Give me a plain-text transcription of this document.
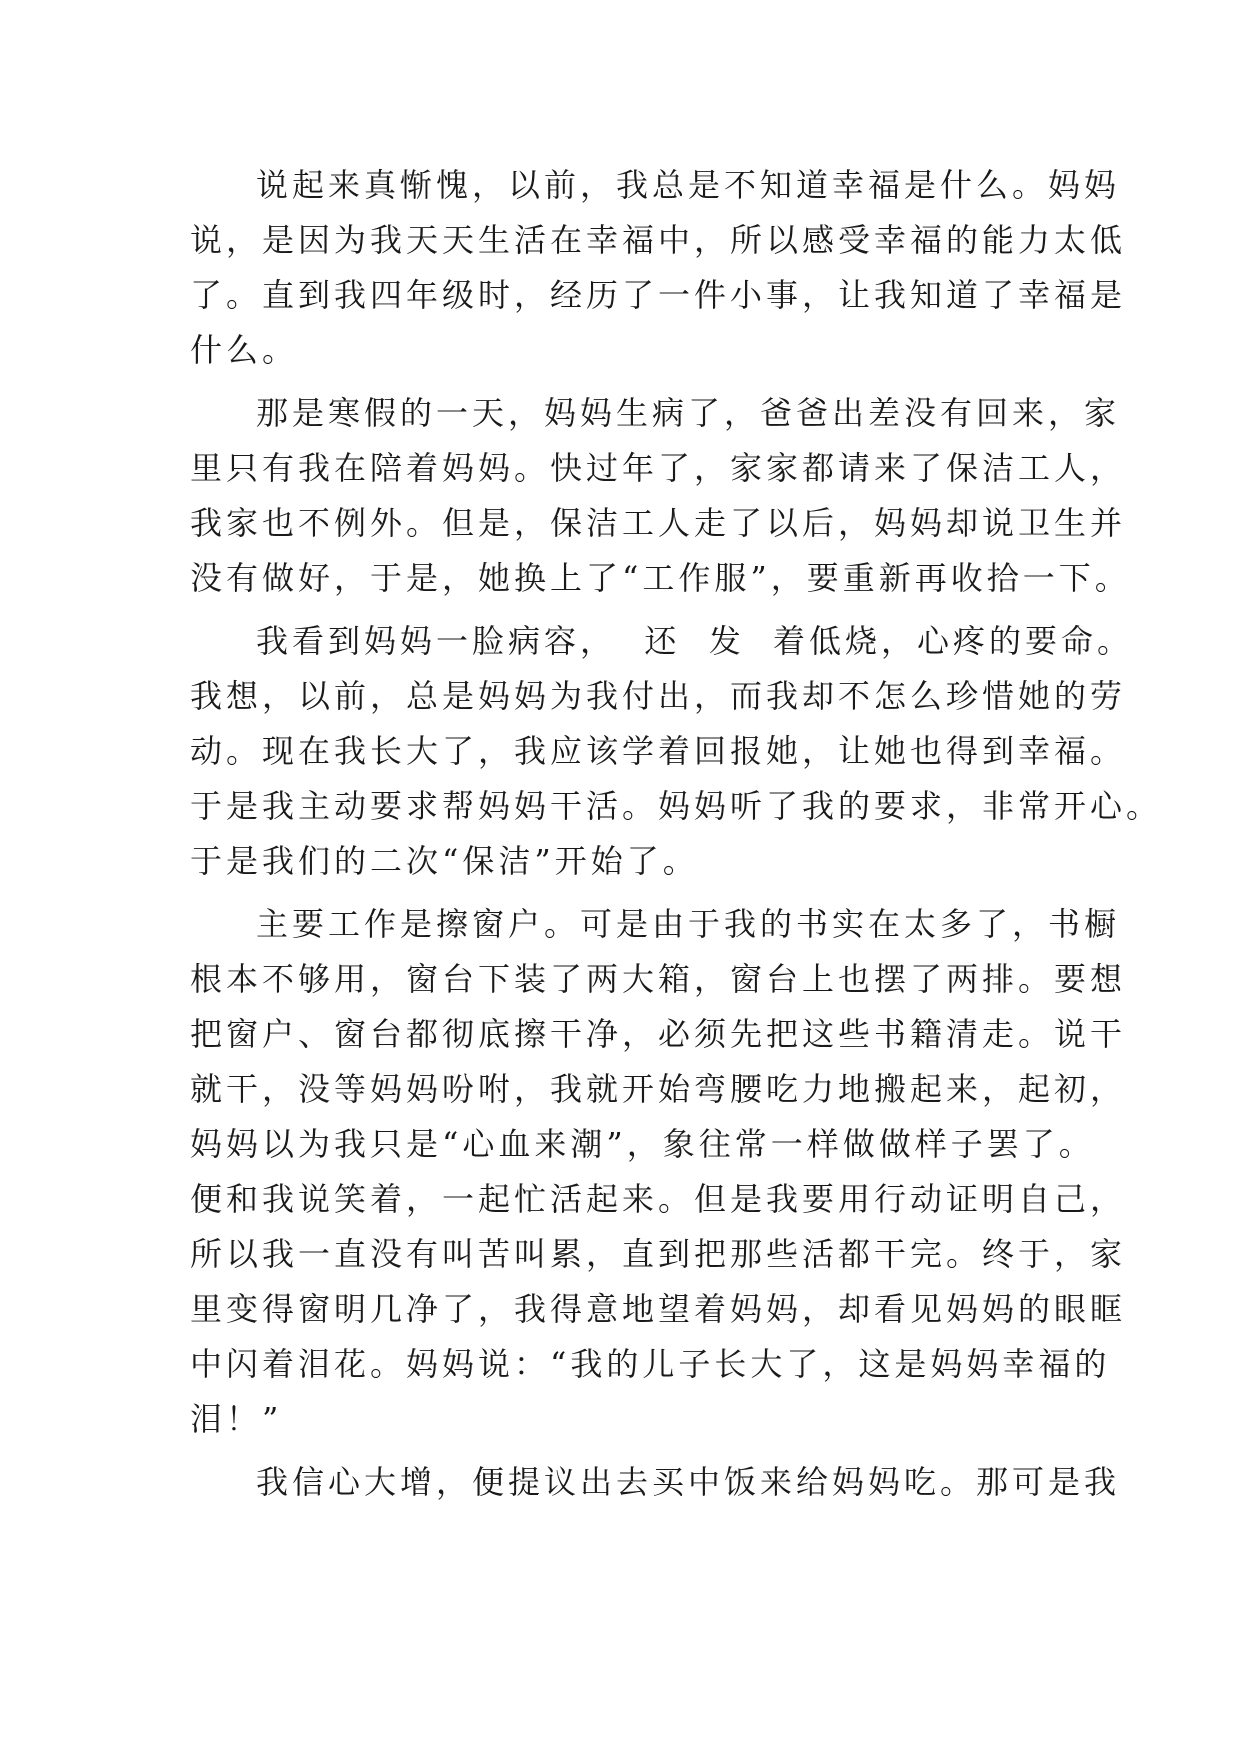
说起来真惭愧，以前，我总是不知道幸福是什么。妈妈
说，是因为我天天生活在幸福中，所以感受幸福的能力太低
了。直到我四年级时，经历了一件小事，让我知道了幸福是
什么。
那是寒假的一天，妈妈生病了，爸爸出差没有回来，家
里只有我在陪着妈妈。快过年了，家家都请来了保洁工人，
我家也不例外。但是，保洁工人走了以后，妈妈却说卫生并
没有做好，于是，她换上了“工作服”，要重新再收拾一下。
我看到妈妈一脸病容，  还  发  着低烧，心疼的要命。
我想，以前，总是妈妈为我付出，而我却不怎么珍惜她的劳
动。现在我长大了，我应该学着回报她，让她也得到幸福。
于是我主动要求帮妈妈干活。妈妈听了我的要求，非常开心。
于是我们的二次“保洁”开始了。
主要工作是擦窗户。可是由于我的书实在太多了，书橱
根本不够用，窗台下装了两大箱，窗台上也摆了两排。要想
把窗户、窗台都彻底擦干净，必须先把这些书籍清走。说干
就干，没等妈妈吩咐，我就开始弯腰吃力地搬起来，起初，
妈妈以为我只是“心血来潮”，象往常一样做做样子罢了。
便和我说笑着，一起忙活起来。但是我要用行动证明自己，
所以我一直没有叫苦叫累，直到把那些活都干完。终于，家
里变得窗明几净了，我得意地望着妈妈，却看见妈妈的眼眶
中闪着泪花。妈妈说：“我的儿子长大了，这是妈妈幸福的
泪！”
我信心大增，便提议出去买中饭来给妈妈吃。那可是我
